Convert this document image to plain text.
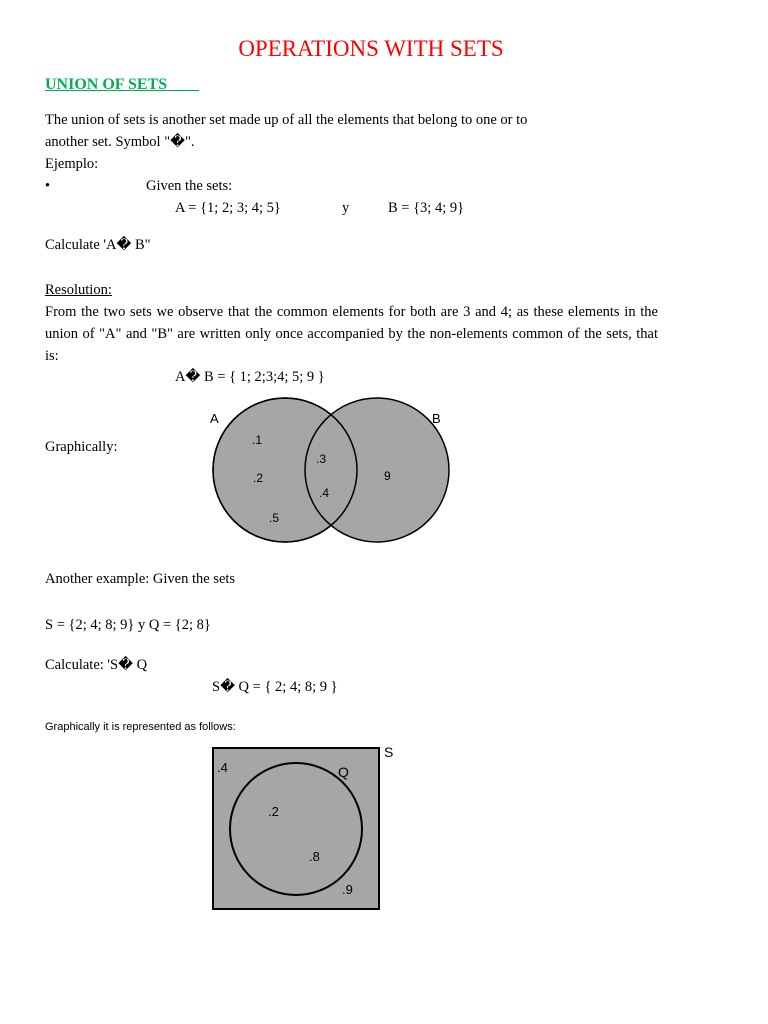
OPERATIONS WITH SETS
UNION OF SETS
The union of sets is another set made up of all the elements that belong to one or to
another set. Symbol "�".
Ejemplo:
•	Given the sets:
A = {1; 2; 3; 4; 5}	y	B = {3; 4; 9}
Calculate 'A� B"
Resolution:
From the two sets we observe that the common elements for both are 3 and 4; as these elements in the union of "A" and "B" are written only once accompanied by the non-elements common of the sets, that is:
A� B = { 1; 2;3;4; 5; 9 }
Graphically:
A	B
.1
.2
.3
.4
.5
9
Another example: Given the sets
S = {2; 4; 8; 9} y Q = {2; 8}
Calculate: 'S� Q
S� Q = { 2; 4; 8; 9 }
Graphically it is represented as follows:
S
Q
.4
.2
.8
.9
